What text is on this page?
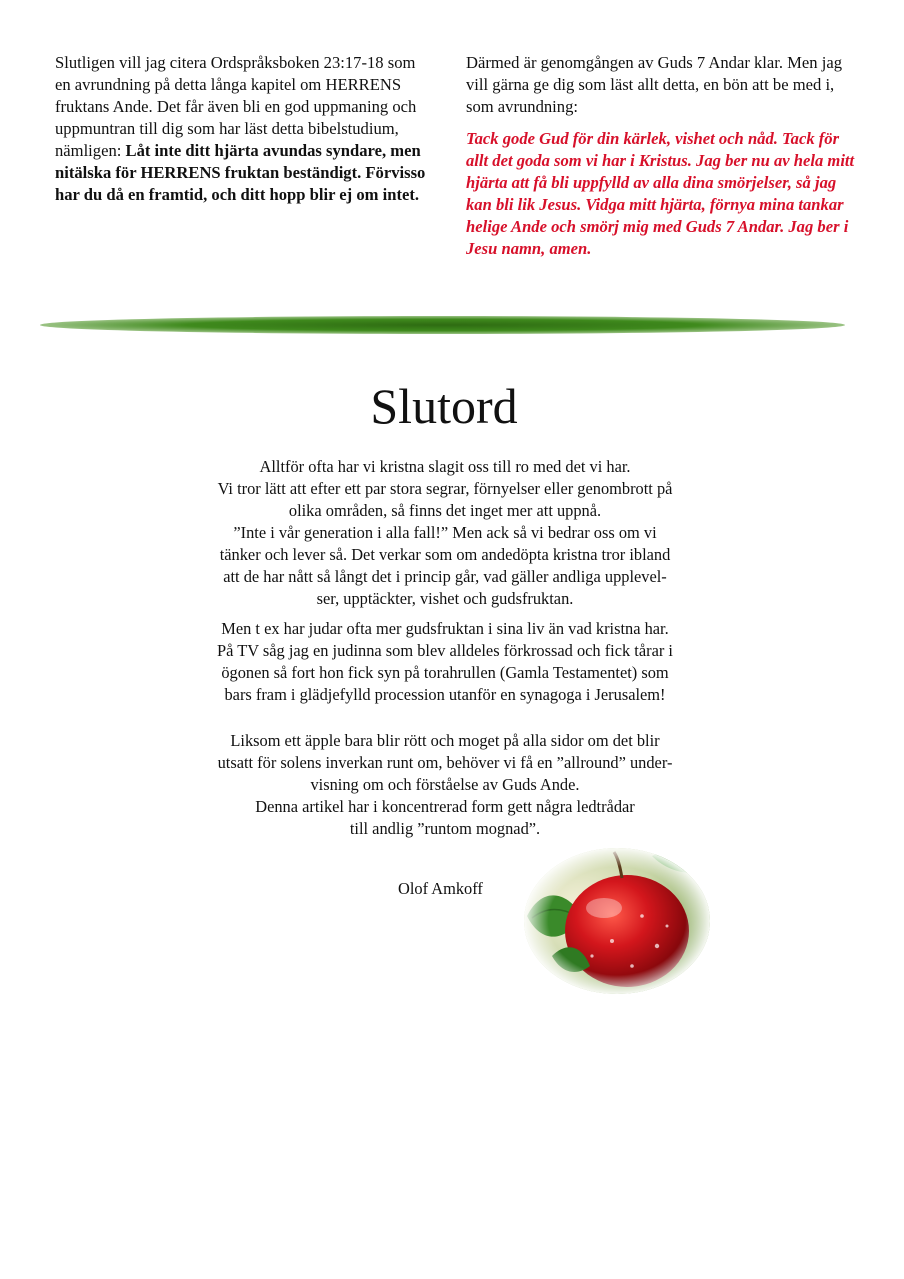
Slutligen vill jag citera Ordspråksboken 23:17-18 som en avrundning på detta långa kapitel om HERRENS fruktans Ande. Det får även bli en god uppmaning och uppmuntran till dig som har läst detta bibelstudium, nämligen: Låt inte ditt hjärta avundas syndare, men nitälska för HERRENS fruktan beständigt. Förvisso har du då en framtid, och ditt hopp blir ej om intet.

Därmed är genomgången av Guds 7 Andar klar. Men jag vill gärna ge dig som läst allt detta, en bön att be med i, som avrundning:

Tack gode Gud för din kärlek, vishet och nåd. Tack för allt det goda som vi har i Kristus. Jag ber nu av hela mitt hjärta att få bli uppfylld av alla dina smörjelser, så jag kan bli lik Jesus. Vidga mitt hjärta, förnya mina tankar helige Ande och smörj mig med Guds 7 Andar. Jag ber i Jesu namn, amen.

Slutord

Alltför ofta har vi kristna slagit oss till ro med det vi har.
Vi tror lätt att efter ett par stora segrar, förnyelser eller genombrott på
olika områden, så finns det inget mer att uppnå.
”Inte i vår generation i alla fall!” Men ack så vi bedrar oss om vi
tänker och lever så. Det verkar som om andedöpta kristna tror ibland
att de har nått så långt det i princip går, vad gäller andliga upplevel-
ser, upptäckter, vishet och gudsfruktan.

Men t ex har judar ofta mer gudsfruktan i sina liv än vad kristna har.
På TV såg jag en judinna som blev alldeles förkrossad och fick tårar i
ögonen så fort hon fick syn på torahrullen (Gamla Testamentet) som
bars fram i glädjefylld procession utanför en synagoga i Jerusalem!

Liksom ett äpple bara blir rött och moget på alla sidor om det blir
utsatt för solens inverkan runt om, behöver vi få en ”allround” under-
visning om och förståelse av Guds Ande.
Denna artikel har i koncentrerad form gett några ledtrådar
till andlig ”runtom mognad”.

Olof Amkoff
